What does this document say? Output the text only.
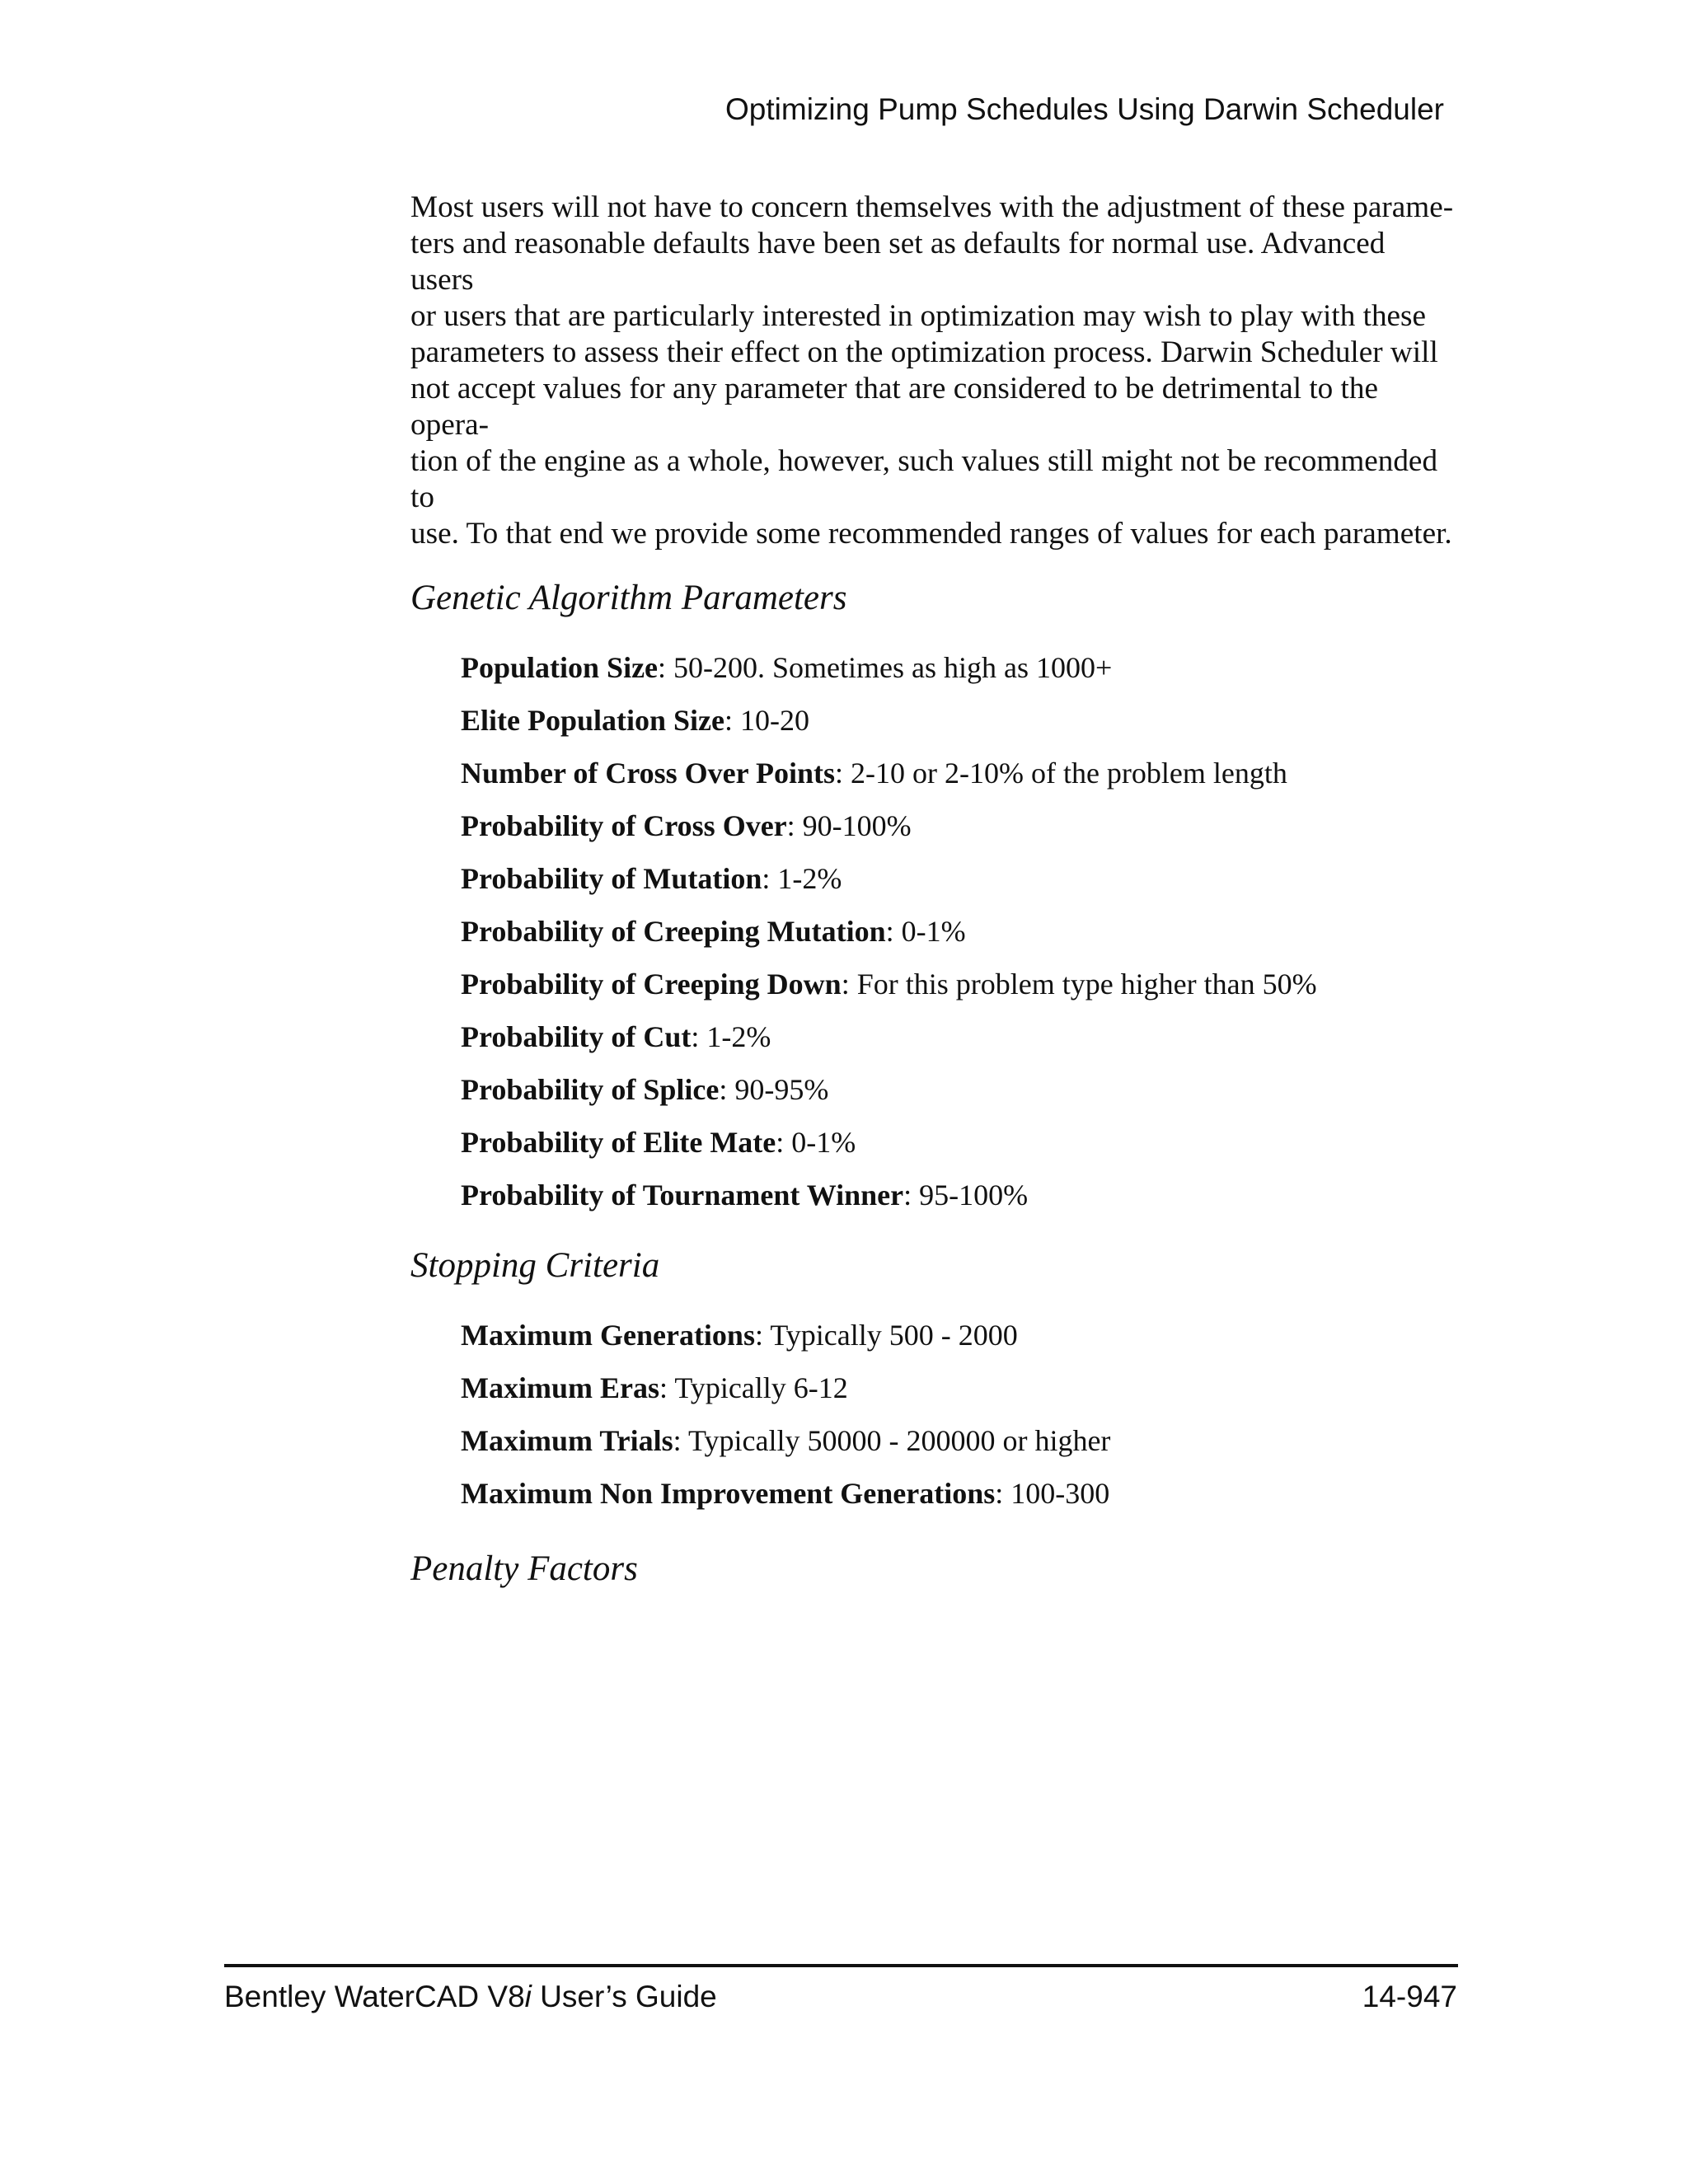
Optimizing Pump Schedules Using Darwin Scheduler

Most users will not have to concern themselves with the adjustment of these parame-
ters and reasonable defaults have been set as defaults for normal use. Advanced users
or users that are particularly interested in optimization may wish to play with these
parameters to assess their effect on the optimization process. Darwin Scheduler will
not accept values for any parameter that are considered to be detrimental to the opera-
tion of the engine as a whole, however, such values still might not be recommended to
use. To that end we provide some recommended ranges of values for each parameter.

Genetic Algorithm Parameters
Population Size: 50-200. Sometimes as high as 1000+
Elite Population Size: 10-20
Number of Cross Over Points: 2-10 or 2-10% of the problem length
Probability of Cross Over: 90-100%
Probability of Mutation: 1-2%
Probability of Creeping Mutation: 0-1%
Probability of Creeping Down: For this problem type higher than 50%
Probability of Cut: 1-2%
Probability of Splice: 90-95%
Probability of Elite Mate: 0-1%
Probability of Tournament Winner: 95-100%
Stopping Criteria
Maximum Generations: Typically 500 - 2000
Maximum Eras: Typically 6-12
Maximum Trials: Typically 50000 - 200000 or higher
Maximum Non Improvement Generations: 100-300
Penalty Factors
Bentley WaterCAD V8i User’s Guide	14-947
